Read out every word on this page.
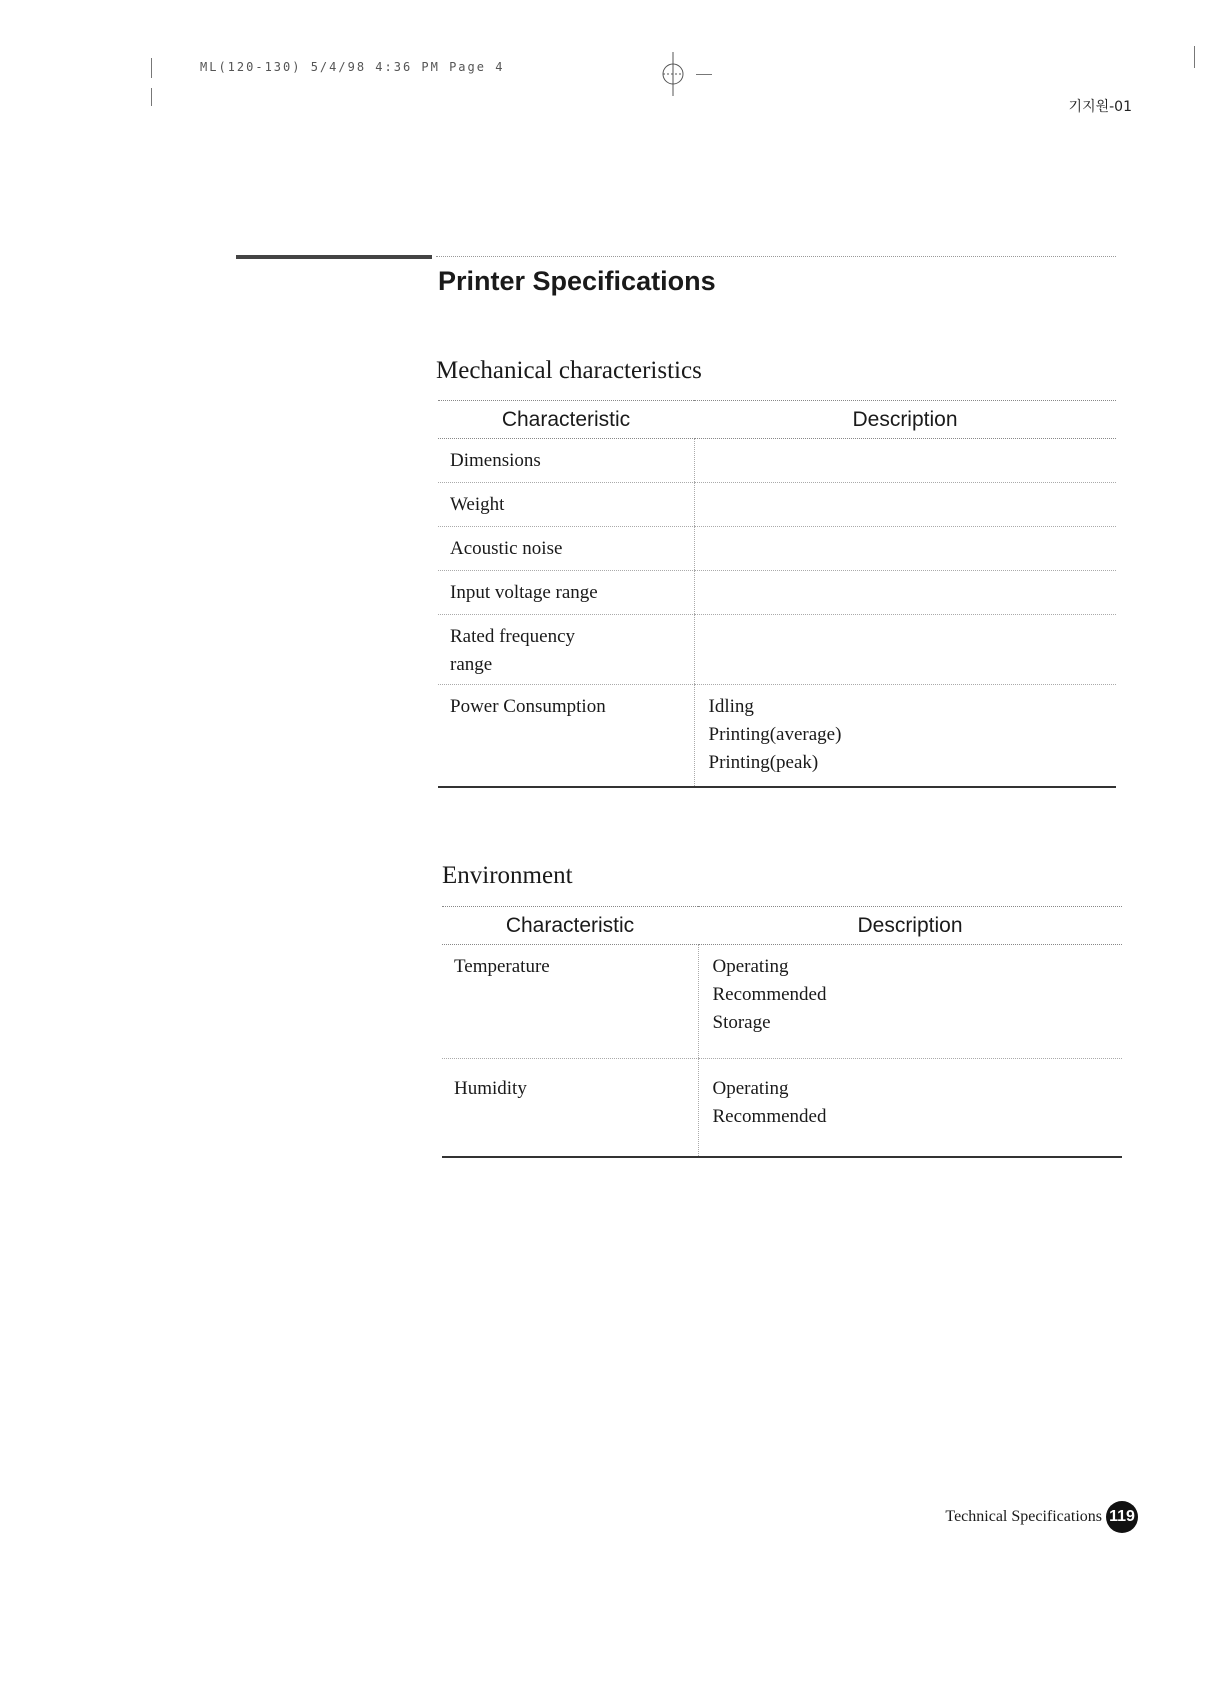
ML(120-130) 5/4/98 4:36 PM Page 4
기지원-01
Printer Specifications
Mechanical characteristics
Characteristic	Description
Dimensions	
Weight	
Acoustic noise	
Input voltage range	

Rated frequency range	

Power Consumption	Idling
Printing(average)
Printing(peak)
Environment
Characteristic	Description
Temperature	Operating
Recommended
Storage

Humidity	Operating
Recommended
Technical Specifications 119
